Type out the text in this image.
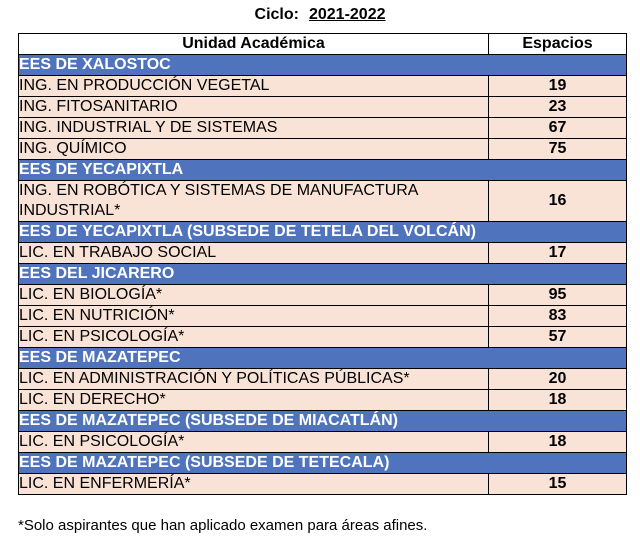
Ciclo: 2021-2022
Unidad Académica	Espacios
EES DE XALOSTOC	
ING. EN PRODUCCIÓN VEGETAL	19
ING. FITOSANITARIO	23
ING. INDUSTRIAL Y DE SISTEMAS	67
ING. QUÍMICO	75
EES DE YECAPIXTLA	
ING. EN ROBÓTICA Y SISTEMAS DE MANUFACTURA INDUSTRIAL*	16
EES DE YECAPIXTLA (SUBSEDE DE TETELA DEL VOLCÁN)	
LIC. EN TRABAJO SOCIAL	17
EES DEL JICARERO	
LIC. EN BIOLOGÍA*	95
LIC. EN NUTRICIÓN*	83
LIC. EN PSICOLOGÍA*	57
EES DE MAZATEPEC	
LIC. EN ADMINISTRACIÓN Y POLÍTICAS PÚBLICAS*	20
LIC. EN DERECHO*	18
EES DE MAZATEPEC (SUBSEDE DE MIACATLÁN)	
LIC. EN PSICOLOGÍA*	18
EES DE MAZATEPEC (SUBSEDE DE TETECALA)	
LIC. EN ENFERMERÍA*	15
*Solo aspirantes que han aplicado examen para áreas afines.
